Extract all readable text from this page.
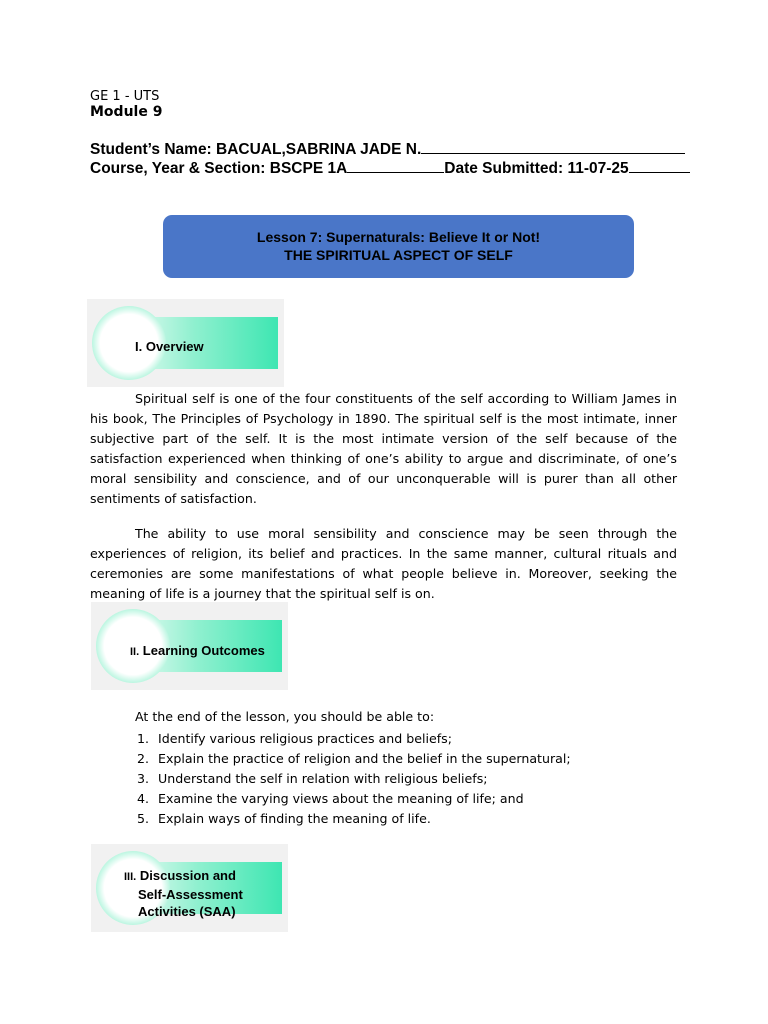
GE 1 - UTS
Module 9
Student’s Name: BACUAL,SABRINA JADE N.
Course, Year & Section: BSCPE 1A	Date Submitted: 11-07-25
Lesson 7: Supernaturals: Believe It or Not!
THE SPIRITUAL ASPECT OF SELF
I. Overview

Spiritual self is one of the four constituents of the self according to William James in his book, The Principles of Psychology in 1890. The spiritual self is the most intimate, inner subjective part of the self. It is the most intimate version of the self because of the satisfaction experienced when thinking of one’s ability to argue and discriminate, of one’s moral sensibility and conscience, and of our unconquerable will is purer than all other sentiments of satisfaction.

The ability to use moral sensibility and conscience may be seen through the experiences of religion, its belief and practices. In the same manner, cultural rituals and ceremonies are some manifestations of what people believe in. Moreover, seeking the meaning of life is a journey that the spiritual self is on.

II. Learning Outcomes
At the end of the lesson, you should be able to:
1. Identify various religious practices and beliefs;
2. Explain the practice of religion and the belief in the supernatural;
3. Understand the self in relation with religious beliefs;
4. Examine the varying views about the meaning of life; and
5. Explain ways of finding the meaning of life.
III. Discussion and
Self-Assessment
Activities (SAA)
